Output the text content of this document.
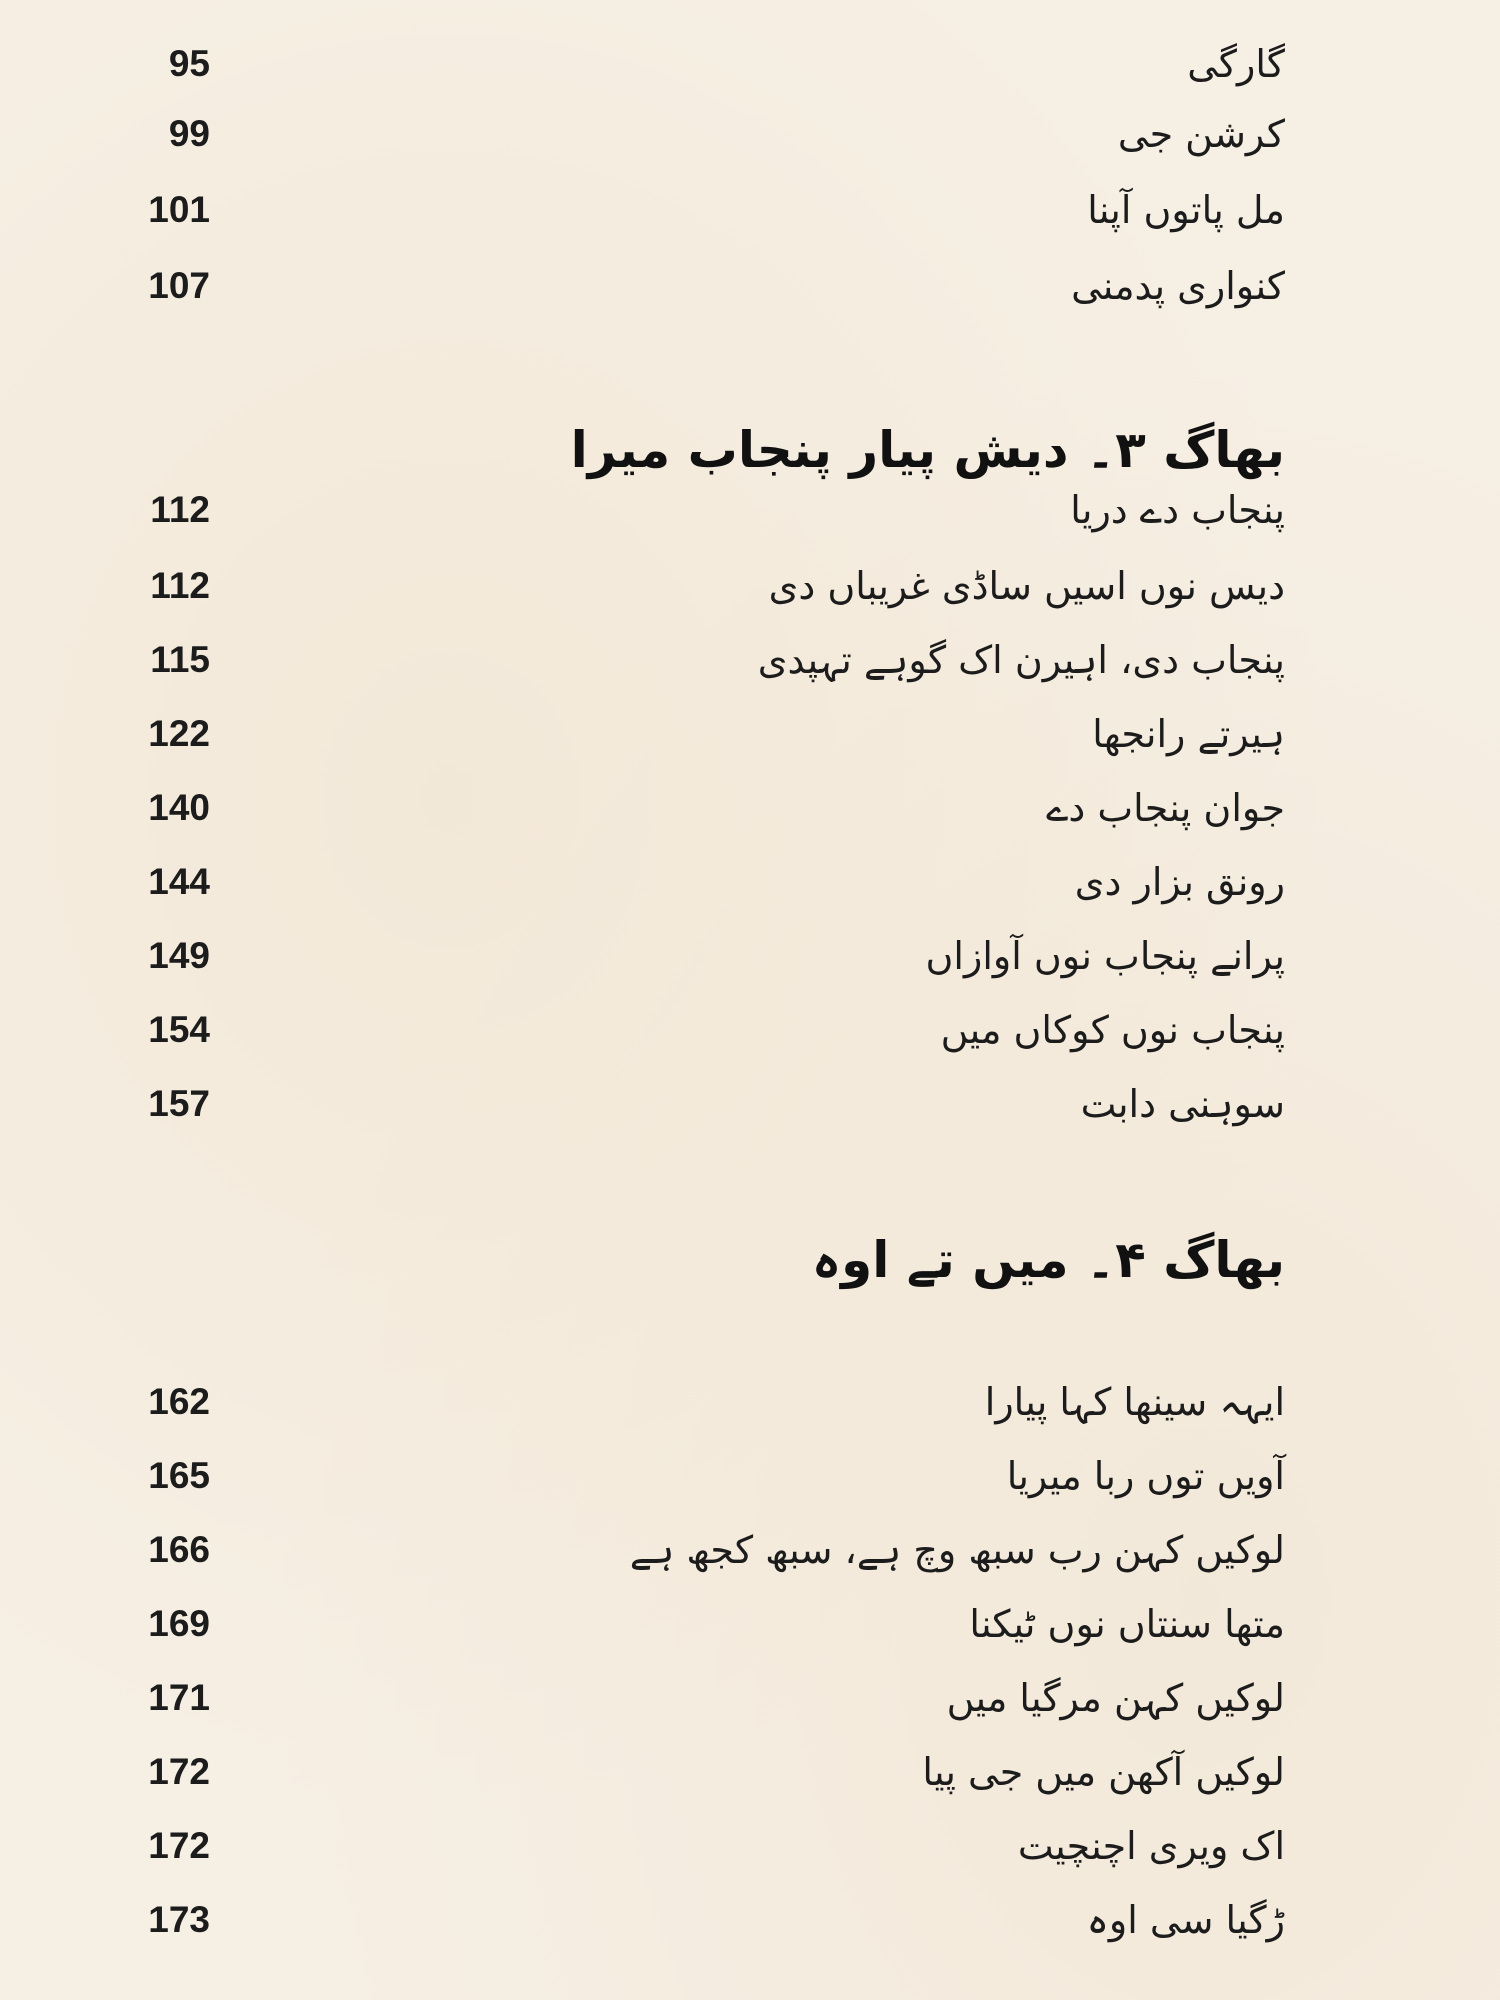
95	گارگی
99	کرشن جی
101	مل پاتوں آپنا
107	کنواری پدمنی
بھاگ ۳۔ دیش پیار پنجاب میرا
112	پنجاب دے دریا
112	دیس نوں اسیں ساڈی غریباں دی
115	پنجاب دی، اہیرن اک گوہے تہپدی
122	ہیرتے رانجھا
140	جوان پنجاب دے
144	رونق بزار دی
149	پرانے پنجاب نوں آوازاں
154	پنجاب نوں کوکاں میں
157	سوہنی دابت
بھاگ ۴۔ میں تے اوہ
162	ایہہ سینھا کہا پیارا
165	آویں توں ربا میریا
166	لوکیں کہن رب سبھ وچ ہے، سبھ کجھ ہے
169	متھا سنتاں نوں ٹیکنا
171	لوکیں کہن مرگیا میں
172	لوکیں آکھن میں جی پیا
172	اک ویری اچنچیت
173	ڑگیا سی اوہ
